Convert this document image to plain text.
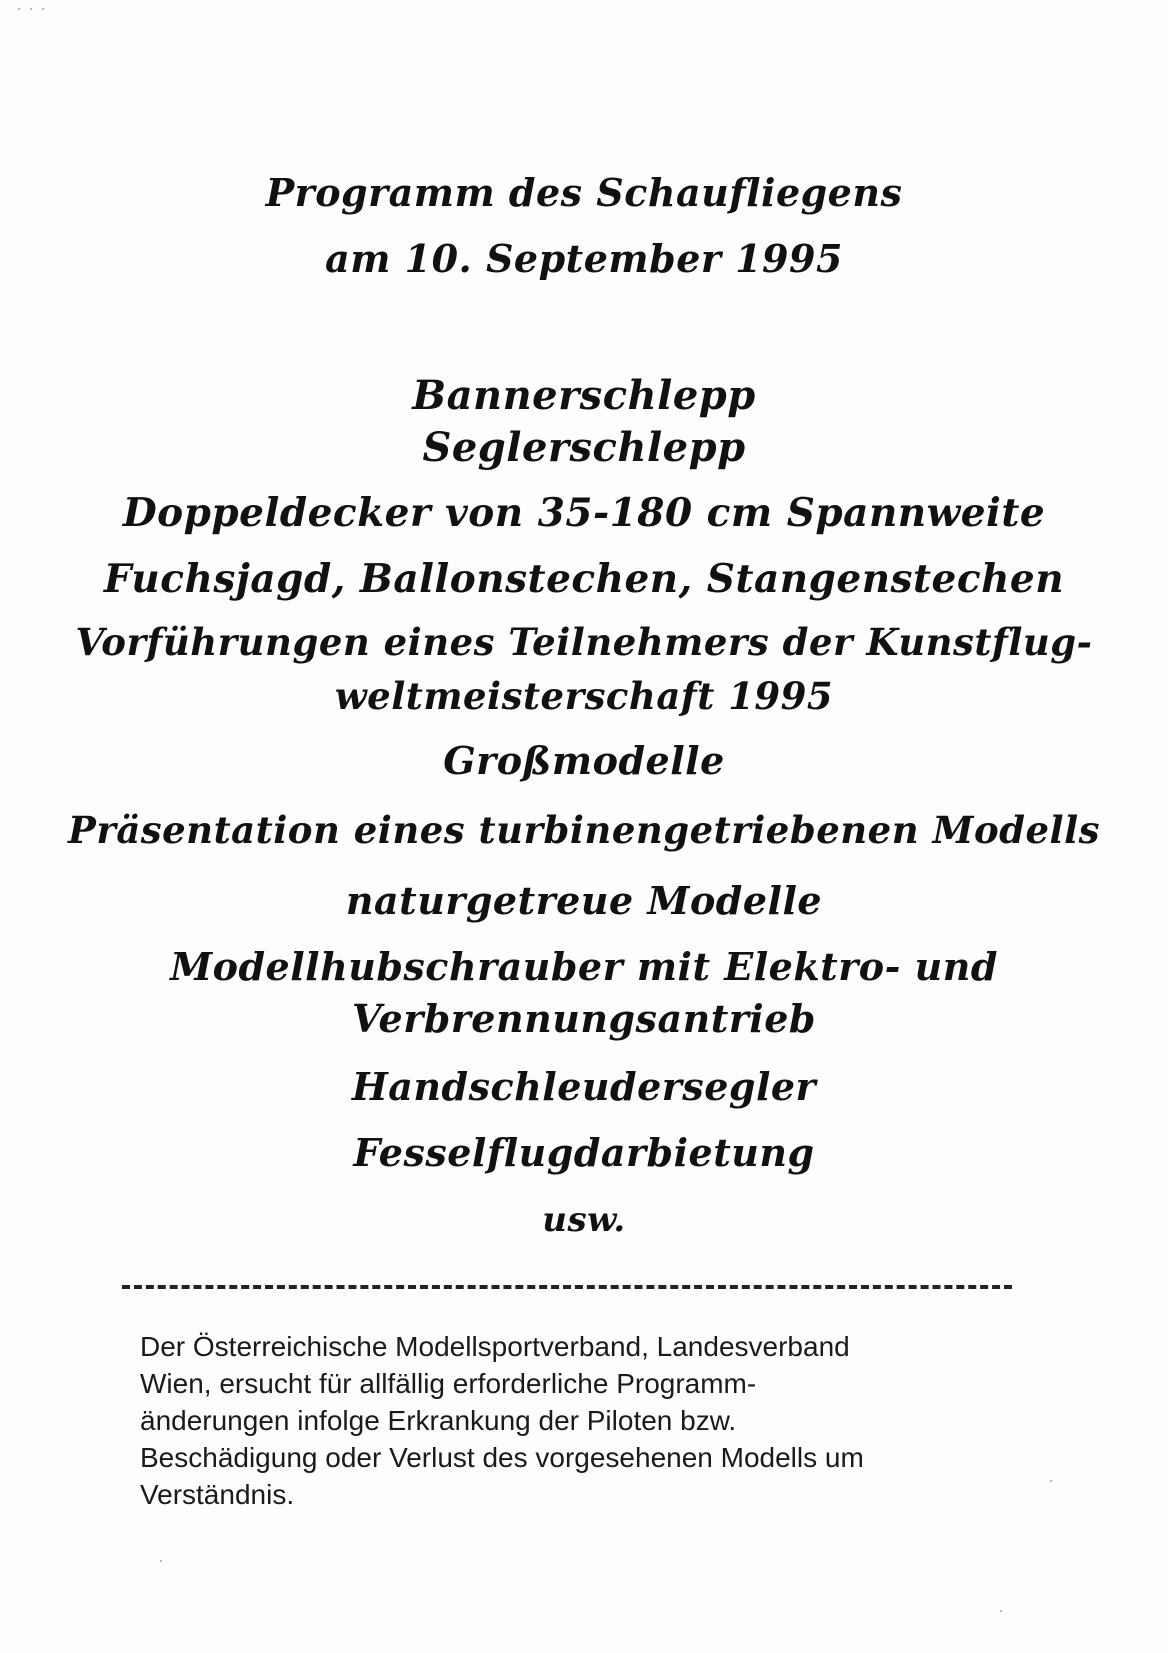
Programm des Schaufliegens
am 10. September 1995
Bannerschlepp
Seglerschlepp
Doppeldecker von 35-180 cm Spannweite
Fuchsjagd, Ballonstechen, Stangenstechen
Vorführungen eines Teilnehmers der Kunstflug-
weltmeisterschaft 1995
Großmodelle
Präsentation eines turbinengetriebenen Modells
naturgetreue Modelle
Modellhubschrauber mit Elektro- und
Verbrennungsantrieb
Handschleudersegler
Fesselflugdarbietung
usw.
Der Österreichische Modellsportverband, Landesverband
Wien, ersucht für allfällig erforderliche Programm-
änderungen infolge Erkrankung der Piloten bzw.
Beschädigung oder Verlust des vorgesehenen Modells um
Verständnis.
